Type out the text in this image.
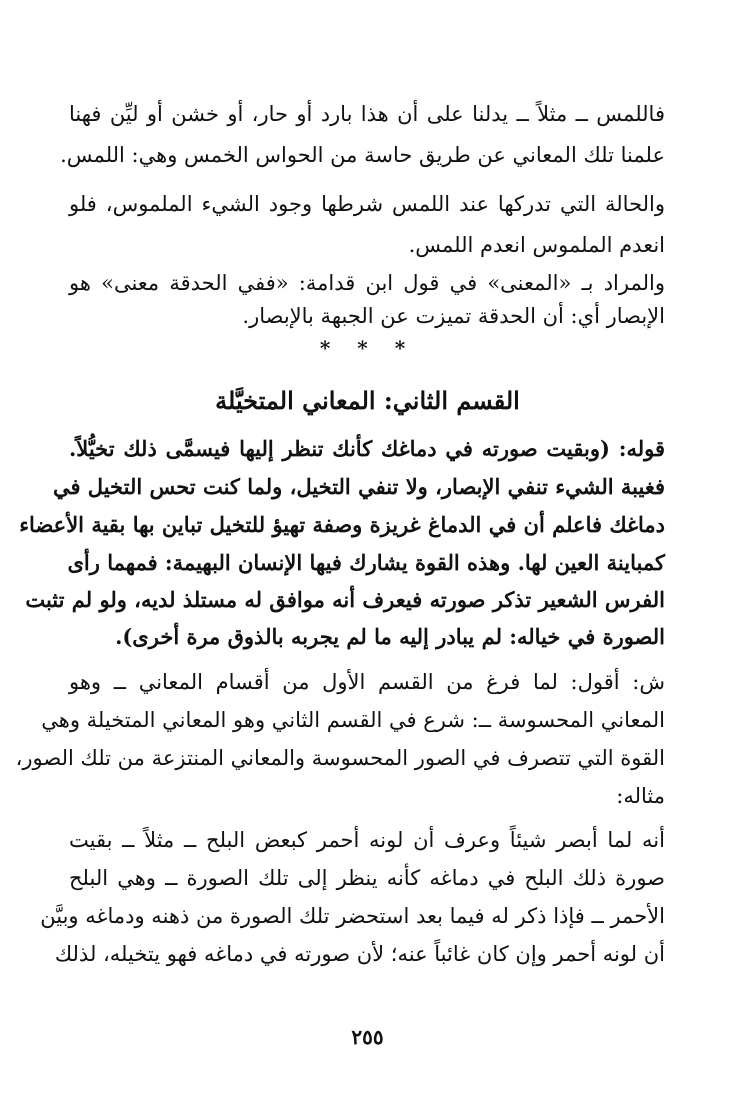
فاللمس ــ مثلاً ــ يدلنا على أن هذا بارد أو حار، أو خشن أو ليِّن فهنا
علمنا تلك المعاني عن طريق حاسة من الحواس الخمس وهي: اللمس.
والحالة التي تدركها عند اللمس شرطها وجود الشيء الملموس، فلو
انعدم الملموس انعدم اللمس.
والمراد بـ «المعنى» في قول ابن قدامة: «ففي الحدقة معنى» هو
الإبصار أي: أن الحدقة تميزت عن الجبهة بالإبصار.
* * *
القسم الثاني: المعاني المتخيَّلة
قوله: (وبقيت صورته في دماغك كأنك تنظر إليها فيسمَّى ذلك تخيُّلاً.
فغيبة الشيء تنفي الإبصار، ولا تنفي التخيل، ولما كنت تحس التخيل في
دماغك فاعلم أن في الدماغ غريزة وصفة تهيؤ للتخيل تباين بها بقية الأعضاء
كمباينة العين لها. وهذه القوة يشارك فيها الإنسان البهيمة: فمهما رأى
الفرس الشعير تذكر صورته فيعرف أنه موافق له مستلذ لديه، ولو لم تثبت
الصورة في خياله: لم يبادر إليه ما لم يجربه بالذوق مرة أخرى).
ش: أقول: لما فرغ من القسم الأول من أقسام المعاني ــ وهو
المعاني المحسوسة ــ: شرع في القسم الثاني وهو المعاني المتخيلة وهي
القوة التي تتصرف في الصور المحسوسة والمعاني المنتزعة من تلك الصور،
مثاله:
أنه لما أبصر شيئاً وعرف أن لونه أحمر كبعض البلح ــ مثلاً ــ بقيت
صورة ذلك البلح في دماغه كأنه ينظر إلى تلك الصورة ــ وهي البلح
الأحمر ــ فإذا ذكر له فيما بعد استحضر تلك الصورة من ذهنه ودماغه وبيَّن
أن لونه أحمر وإن كان غائباً عنه؛ لأن صورته في دماغه فهو يتخيله، لذلك
٢٥٥
